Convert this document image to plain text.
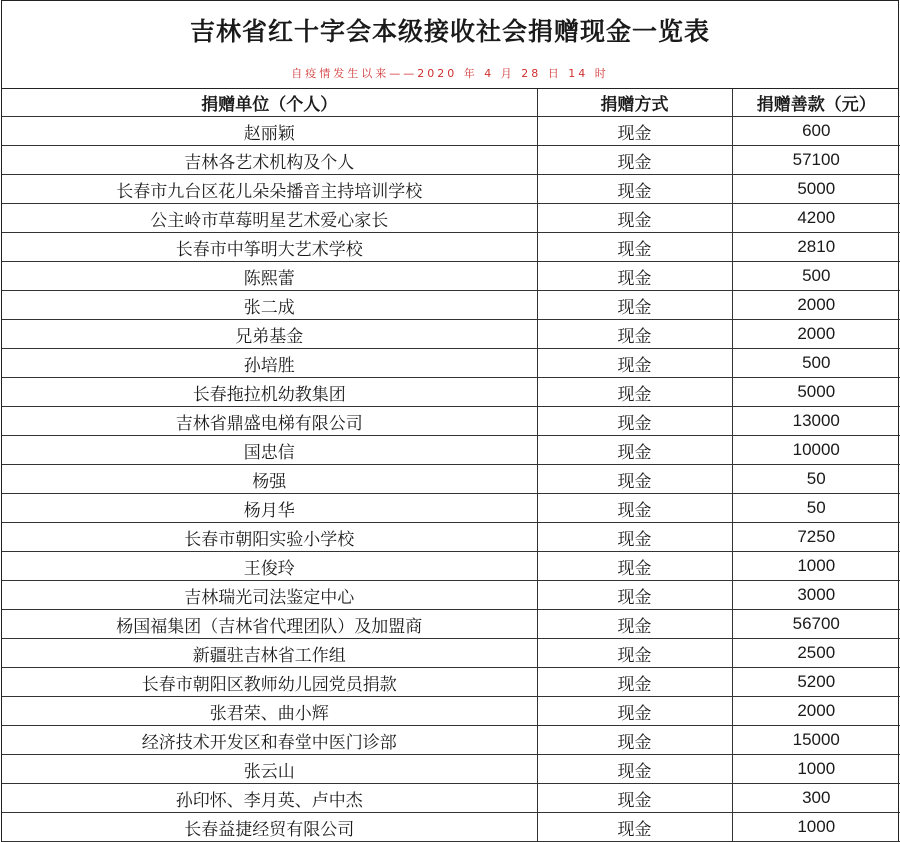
吉林省红十字会本级接收社会捐赠现金一览表
自疫情发生以来——2020 年 4 月 28 日 14 时
捐赠单位（个人）	捐赠方式	捐赠善款（元）
赵丽颖	现金	600
吉林各艺术机构及个人	现金	57100
长春市九台区花儿朵朵播音主持培训学校	现金	5000
公主岭市草莓明星艺术爱心家长	现金	4200
长春市中筝明大艺术学校	现金	2810
陈熙蕾	现金	500
张二成	现金	2000
兄弟基金	现金	2000
孙培胜	现金	500
长春拖拉机幼教集团	现金	5000
吉林省鼎盛电梯有限公司	现金	13000
国忠信	现金	10000
杨强	现金	50
杨月华	现金	50
长春市朝阳实验小学校	现金	7250
王俊玲	现金	1000
吉林瑞光司法鉴定中心	现金	3000
杨国福集团（吉林省代理团队）及加盟商	现金	56700
新疆驻吉林省工作组	现金	2500
长春市朝阳区教师幼儿园党员捐款	现金	5200
张君荣、曲小辉	现金	2000
经济技术开发区和春堂中医门诊部	现金	15000
张云山	现金	1000
孙印怀、李月英、卢中杰	现金	300
长春益捷经贸有限公司	现金	1000
